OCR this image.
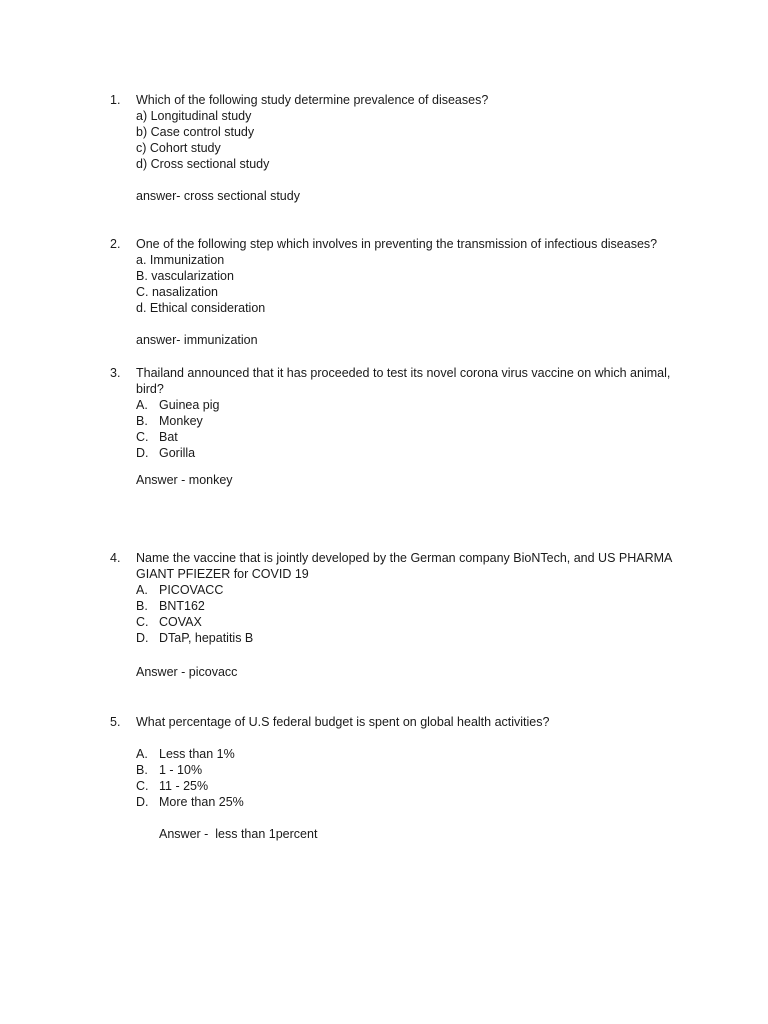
1.	Which of the following study determine prevalence of diseases?
a) Longitudinal study
b) Case control study
c) Cohort study
d) Cross sectional study
answer- cross sectional study
2.	One of the following step which involves in preventing the transmission of infectious diseases?
a. Immunization
B. vascularization
C. nasalization
d. Ethical consideration
answer- immunization
3.	Thailand announced that it has proceeded to test its novel corona virus vaccine on which animal,
bird?
A. Guinea pig
B. Monkey
C. Bat
D. Gorilla
Answer - monkey
4.	Name the vaccine that is jointly developed by the German company BioNTech, and US PHARMA
GIANT PFIEZER for COVID 19
A. PICOVACC
B. BNT162
C. COVAX
D. DTaP, hepatitis B
Answer - picovacc
5.	What percentage of U.S federal budget is spent on global health activities?
A. Less than 1%
B. 1 - 10%
C. 11 - 25%
D. More than 25%
Answer -  less than 1percent
